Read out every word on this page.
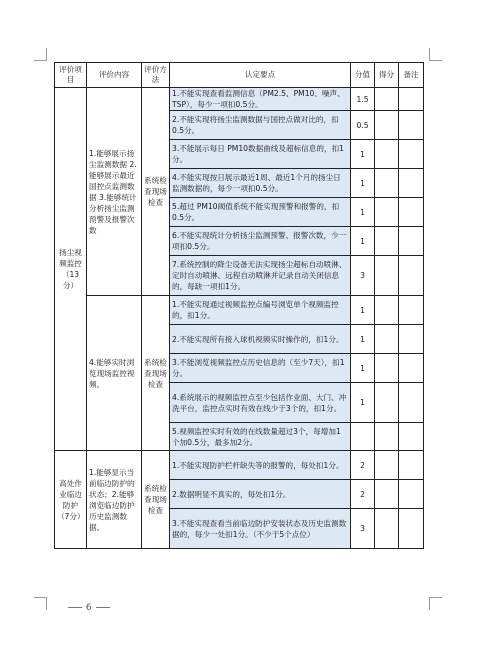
评价项目	评价内容	评价方法	认定要点	分值	得分	备注
扬尘视频监控（13分）	1.能够展示扬尘监测数据 2.能够展示最近国控点监测数据 3.能够统计分析扬尘监测预警及报警次数	系统检查现场检查	1.不能实现查看监测信息（PM2.5、PM10、噪声、TSP），每少一项扣0.5分。	1.5		
			2.不能实现将扬尘监测数据与国控点做对比的，扣0.5分。	0.5		
			3.不能展示每日 PM10数据曲线及超标信息的，扣1分。	1		
			4.不能实现按日展示最近1周、最近1个月的扬尘日监测数据的，每少一项扣0.5分。	1		
			5.超过 PM10阈值系统不能实现预警和报警的，扣0.5分。	1		
			6.不能实现统计分析扬尘监测预警、报警次数，少一项扣0.5分。	1		
			7.系统控制的降尘设备无法实现扬尘超标自动喷淋、定时自动喷淋、远程自动喷淋并记录自动关闭信息的，每缺一项扣1分。	3		
	4.能够实时浏览现场监控视频。	系统检查现场检查	1.不能实现通过视频监控点编号浏览单个视频监控的，扣1分。	1		
			2.不能实现所有接入球机视频实时操作的，扣1分。	1		
			3.不能浏览视频监控点历史信息的（至少7天），扣1分。	1		
			4.系统展示的视频监控点至少包括作业面、大门、冲洗平台，监控点实时有效在线少于3个的，扣1分。	1		
			5.视频监控实时有效的在线数量超过3个，每增加1个加0.5分，最多加2分。			
高处作业临边防护（7分）	1.能够显示当前临边防护的状态；2.能够浏览临边防护历史监测数据。	系统检查现场检查	1.不能实现防护栏杆缺失等的报警的，每处扣1分。	2		
			2.数据明显不真实的，每处扣1分。	2		
			3.不能实现查看当前临边防护安装状态及历史监测数据的，每少一处扣1分。（不少于5个点位）	3		
6
